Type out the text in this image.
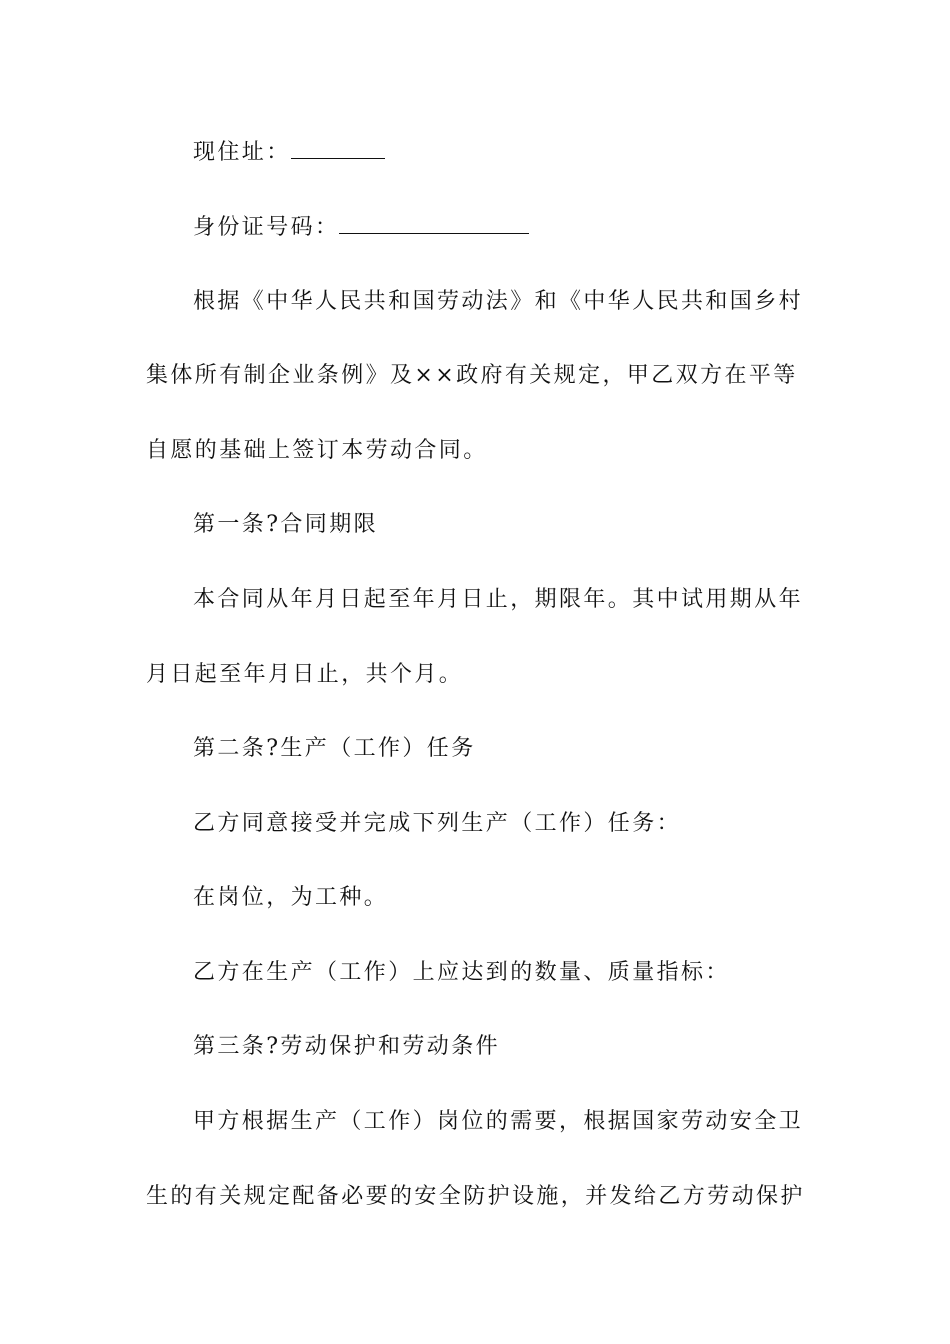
现住址：
身份证号码：
根据《中华人民共和国劳动法》和《中华人民共和国乡村
集体所有制企业条例》及××政府有关规定，甲乙双方在平等
自愿的基础上签订本劳动合同。
第一条?合同期限
本合同从年月日起至年月日止，期限年。其中试用期从年
月日起至年月日止，共个月。
第二条?生产（工作）任务
乙方同意接受并完成下列生产（工作）任务：
在岗位，为工种。
乙方在生产（工作）上应达到的数量、质量指标：
第三条?劳动保护和劳动条件
甲方根据生产（工作）岗位的需要，根据国家劳动安全卫
生的有关规定配备必要的安全防护设施，并发给乙方劳动保护
